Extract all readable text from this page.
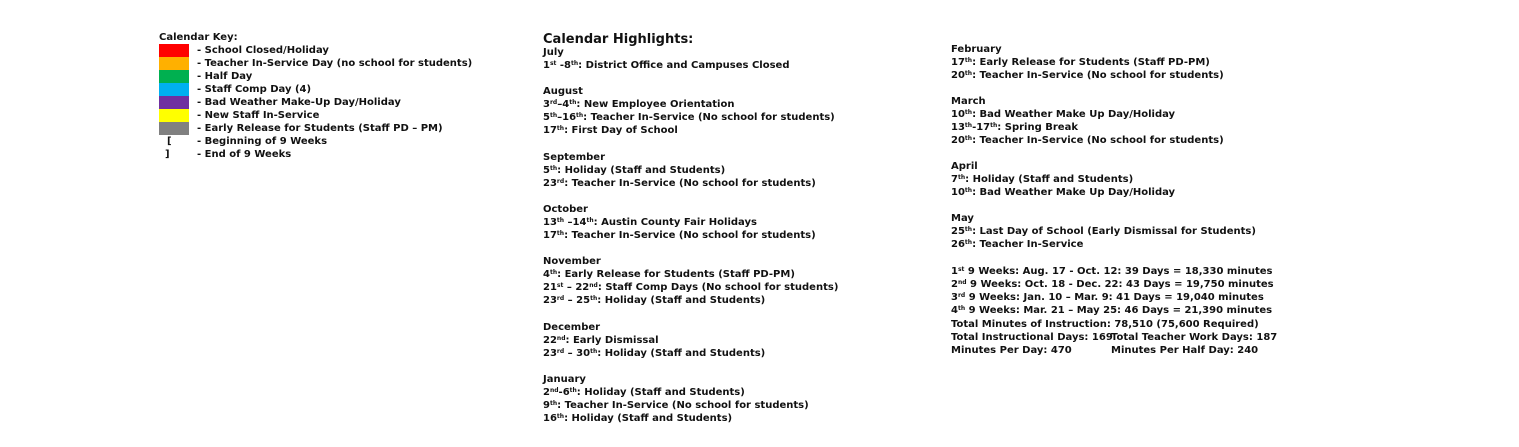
Calendar Key:
- School Closed/Holiday
- Teacher In-Service Day (no school for students)
- Half Day
- Staff Comp Day (4)
- Bad Weather Make-Up Day/Holiday
- New Staff In-Service
- Early Release for Students (Staff PD – PM)
[	- Beginning of 9 Weeks
]	- End of 9 Weeks
Calendar Highlights:
July
1st -8th: District Office and Campuses Closed
August
3rd–4th: New Employee Orientation
5th–16th: Teacher In-Service (No school for students)
17th: First Day of School
September
5th: Holiday (Staff and Students)
23rd: Teacher In-Service (No school for students)
October
13th –14th: Austin County Fair Holidays
17th: Teacher In-Service (No school for students)
November
4th: Early Release for Students (Staff PD-PM)
21st – 22nd: Staff Comp Days (No school for students)
23rd – 25th: Holiday (Staff and Students)
December
22nd: Early Dismissal
23rd – 30th: Holiday (Staff and Students)
January
2nd-6th: Holiday (Staff and Students)
9th: Teacher In-Service (No school for students)
16th: Holiday (Staff and Students)
February
17th: Early Release for Students (Staff PD-PM)
20th: Teacher In-Service (No school for students)
March
10th: Bad Weather Make Up Day/Holiday
13th-17th: Spring Break
20th: Teacher In-Service (No school for students)
April
7th: Holiday (Staff and Students)
10th: Bad Weather Make Up Day/Holiday
May
25th: Last Day of School (Early Dismissal for Students)
26th: Teacher In-Service
1st 9 Weeks: Aug. 17 - Oct. 12: 39 Days = 18,330 minutes
2nd 9 Weeks: Oct. 18 - Dec. 22: 43 Days = 19,750 minutes
3rd 9 Weeks: Jan. 10 – Mar. 9: 41 Days = 19,040 minutes
4th 9 Weeks: Mar. 21 – May 25: 46 Days = 21,390 minutes
Total Minutes of Instruction: 78,510 (75,600 Required)
Total Instructional Days: 169
Total Teacher Work Days: 187
Minutes Per Day: 470	Minutes Per Half Day: 240
